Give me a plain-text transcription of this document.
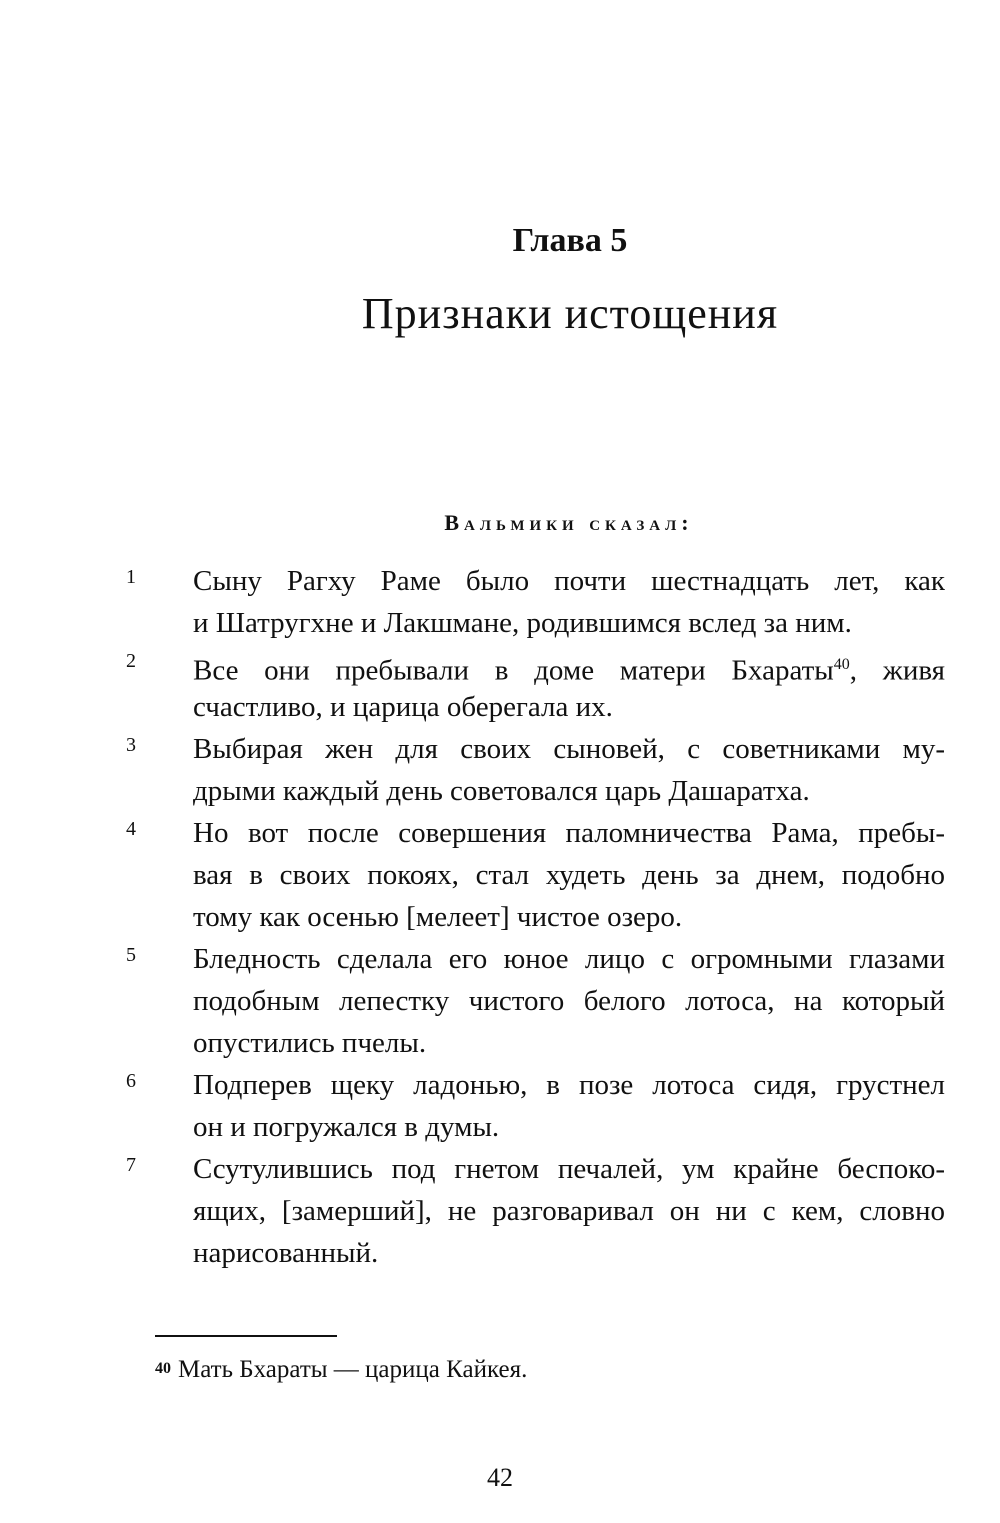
Глава 5
Признаки истощения
Вальмики сказал:
1 Сыну Рагху Раме было почти шестнадцать лет, как
и Шатругхне и Лакшмане, родившимся вслед за ним.
2 Все они пребывали в доме матери Бхараты$^{40}$, живя
счастливо, и царица оберегала их.
3 Выбирая жен для своих сыновей, с советниками му-
дрыми каждый день советовался царь Дашаратха.
4 Но вот после совершения паломничества Рама, пребы-
вая в своих покоях, стал худеть день за днем, подобно
тому как осенью [мелеет] чистое озеро.
5 Бледность сделала его юное лицо с огромными глазами
подобным лепестку чистого белого лотоса, на который
опустились пчелы.
6 Подперев щеку ладонью, в позе лотоса сидя, грустнел
он и погружался в думы.
7 Ссутулившись под гнетом печалей, ум крайне беспоко-
ящих, [замерший], не разговаривал он ни с кем, словно
нарисованный.
40 Мать Бхараты — царица Кайкея.
42
